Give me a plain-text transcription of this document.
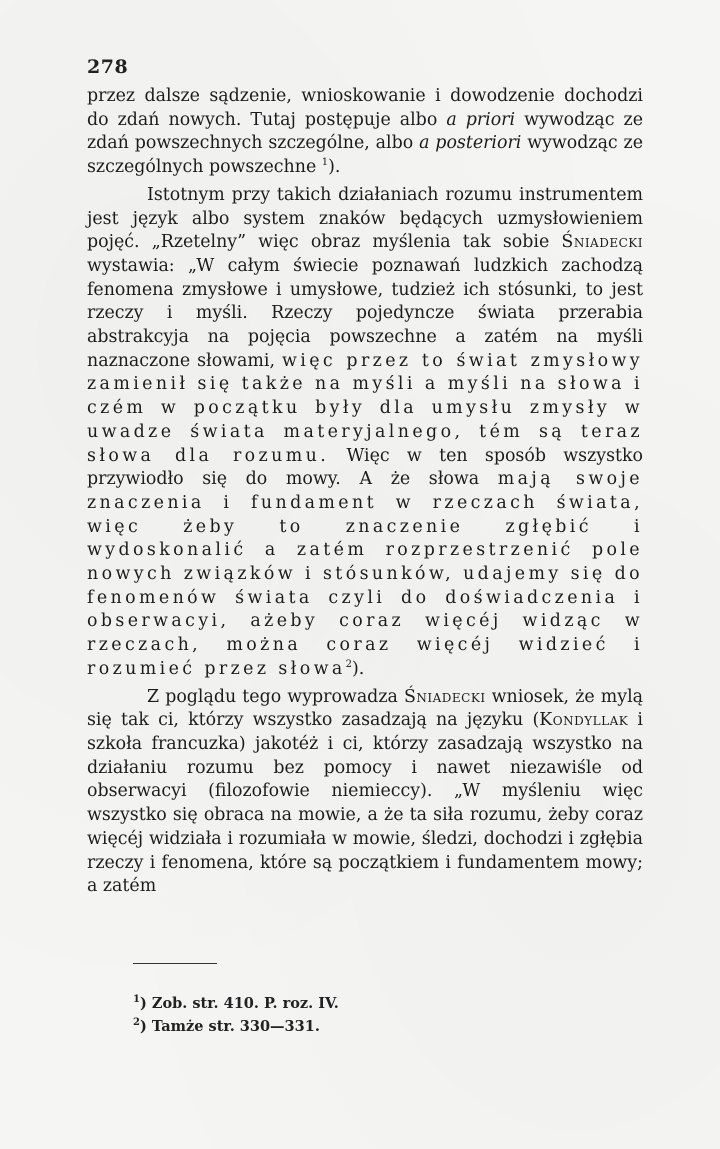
278

przez dalsze sądzenie, wnioskowanie i dowodzenie dochodzi do zdań nowych. Tutaj postępuje albo a priori wywodząc ze zdań powszechnych szczególne, albo a posteriori wywodząc ze szczególnych powszechne $^1$).

Istotnym przy takich działaniach rozumu instrumentem jest język albo system znaków będących uzmysłowieniem pojęć. „Rzetelny” więc obraz myślenia tak sobie Śniadecki wystawia: „W całym świecie poznawań ludzkich zachodzą fenomena zmysłowe i umysłowe, tudzież ich stósunki, to jest rzeczy i myśli. Rzeczy pojedyncze świata przerabia abstrakcyja na pojęcia powszechne a zatém na myśli naznaczone słowami, więc przez to świat zmysłowy zamienił się także na myśli a myśli na słowa i czém w początku były dla umysłu zmysły w uwadze świata materyjalnego, tém są teraz słowa dla rozumu. Więc w ten sposób wszystko przywiodło się do mowy. A że słowa mają swoje znaczenia i fundament w rzeczach świata, więc żeby to znaczenie zgłębić i wydoskonalić a zatém rozprzestrzenić pole nowych związków i stósunków, udajemy się do fenomenów świata czyli do doświadczenia i obserwacyi, ażeby coraz więcéj widząc w rzeczach, można coraz więcéj widzieć i rozumieć przez słowa$^2$).

Z poglądu tego wyprowadza Śniadecki wniosek, że mylą się tak ci, którzy wszystko zasadzają na języku (Kondyllak i szkoła francuzka) jakotéż i ci, którzy zasadzają wszystko na działaniu rozumu bez pomocy i nawet niezawiśle od obserwacyi (filozofowie niemieccy). „W myśleniu więc wszystko się obraca na mowie, a że ta siła rozumu, żeby coraz więcéj widziała i rozumiała w mowie, śledzi, dochodzi i zgłębia rzeczy i fenomena, które są początkiem i fundamentem mowy; a zatém

$^1$) Zob. str. 410. P. roz. IV.
$^2$) Tamże str. 330—331.
